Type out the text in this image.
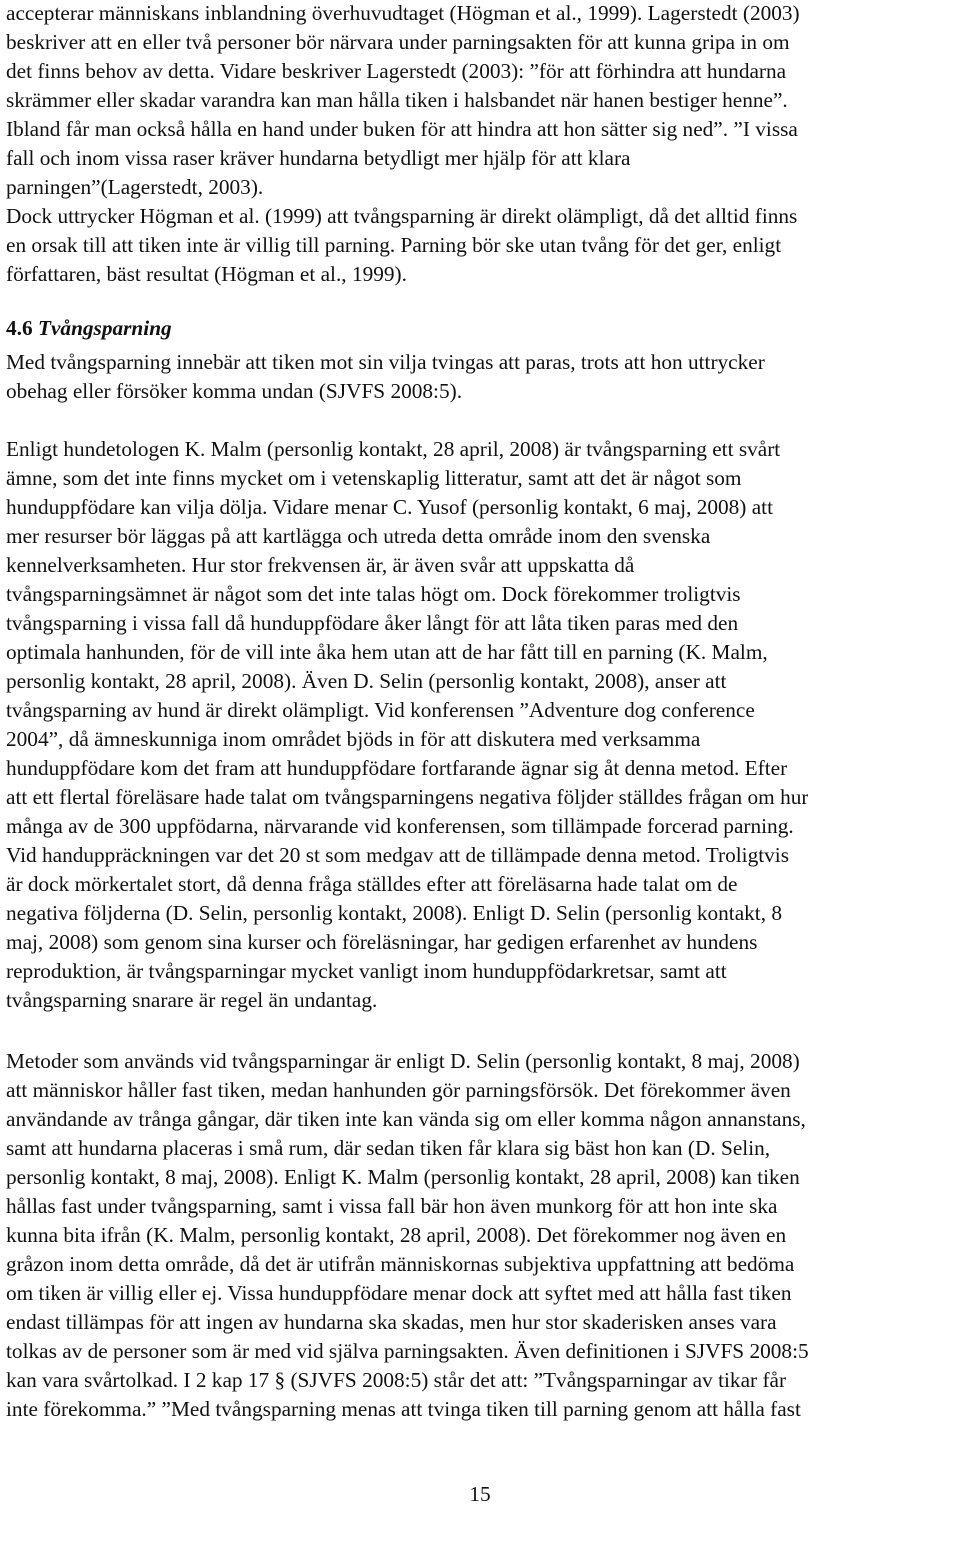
accepterar människans inblandning överhuvudtaget (Högman et al., 1999). Lagerstedt (2003)
beskriver att en eller två personer bör närvara under parningsakten för att kunna gripa in om
det finns behov av detta. Vidare beskriver Lagerstedt (2003): ”för att förhindra att hundarna
skrämmer eller skadar varandra kan man hålla tiken i halsbandet när hanen bestiger henne”.
Ibland får man också hålla en hand under buken för att hindra att hon sätter sig ned”. ”I vissa
fall och inom vissa raser kräver hundarna betydligt mer hjälp för att klara
parningen”(Lagerstedt, 2003).
Dock uttrycker Högman et al. (1999) att tvångsparning är direkt olämpligt, då det alltid finns
en orsak till att tiken inte är villig till parning. Parning bör ske utan tvång för det ger, enligt
författaren, bäst resultat (Högman et al., 1999).
4.6 Tvångsparning
Med tvångsparning innebär att tiken mot sin vilja tvingas att paras, trots att hon uttrycker
obehag eller försöker komma undan (SJVFS 2008:5).
Enligt hundetologen K. Malm (personlig kontakt, 28 april, 2008) är tvångsparning ett svårt
ämne, som det inte finns mycket om i vetenskaplig litteratur, samt att det är något som
hunduppfödare kan vilja dölja. Vidare menar C. Yusof (personlig kontakt, 6 maj, 2008) att
mer resurser bör läggas på att kartlägga och utreda detta område inom den svenska
kennelverksamheten. Hur stor frekvensen är, är även svår att uppskatta då
tvångsparningsämnet är något som det inte talas högt om. Dock förekommer troligtvis
tvångsparning i vissa fall då hunduppfödare åker långt för att låta tiken paras med den
optimala hanhunden, för de vill inte åka hem utan att de har fått till en parning (K. Malm,
personlig kontakt, 28 april, 2008). Även D. Selin (personlig kontakt, 2008), anser att
tvångsparning av hund är direkt olämpligt. Vid konferensen ”Adventure dog conference
2004”, då ämneskunniga inom området bjöds in för att diskutera med verksamma
hunduppfödare kom det fram att hunduppfödare fortfarande ägnar sig åt denna metod. Efter
att ett flertal föreläsare hade talat om tvångsparningens negativa följder ställdes frågan om hur
många av de 300 uppfödarna, närvarande vid konferensen, som tillämpade forcerad parning.
Vid handuppräckningen var det 20 st som medgav att de tillämpade denna metod. Troligtvis
är dock mörkertalet stort, då denna fråga ställdes efter att föreläsarna hade talat om de
negativa följderna (D. Selin, personlig kontakt, 2008). Enligt D. Selin (personlig kontakt, 8
maj, 2008) som genom sina kurser och föreläsningar, har gedigen erfarenhet av hundens
reproduktion, är tvångsparningar mycket vanligt inom hunduppfödarkretsar, samt att
tvångsparning snarare är regel än undantag.
Metoder som används vid tvångsparningar är enligt D. Selin (personlig kontakt, 8 maj, 2008)
att människor håller fast tiken, medan hanhunden gör parningsförsök. Det förekommer även
användande av trånga gångar, där tiken inte kan vända sig om eller komma någon annanstans,
samt att hundarna placeras i små rum, där sedan tiken får klara sig bäst hon kan (D. Selin,
personlig kontakt, 8 maj, 2008). Enligt K. Malm (personlig kontakt, 28 april, 2008) kan tiken
hållas fast under tvångsparning, samt i vissa fall bär hon även munkorg för att hon inte ska
kunna bita ifrån (K. Malm, personlig kontakt, 28 april, 2008). Det förekommer nog även en
gråzon inom detta område, då det är utifrån människornas subjektiva uppfattning att bedöma
om tiken är villig eller ej. Vissa hunduppfödare menar dock att syftet med att hålla fast tiken
endast tillämpas för att ingen av hundarna ska skadas, men hur stor skaderisken anses vara
tolkas av de personer som är med vid själva parningsakten. Även definitionen i SJVFS 2008:5
kan vara svårtolkad. I 2 kap 17 § (SJVFS 2008:5) står det att: ”Tvångsparningar av tikar får
inte förekomma.” ”Med tvångsparning menas att tvinga tiken till parning genom att hålla fast
15
